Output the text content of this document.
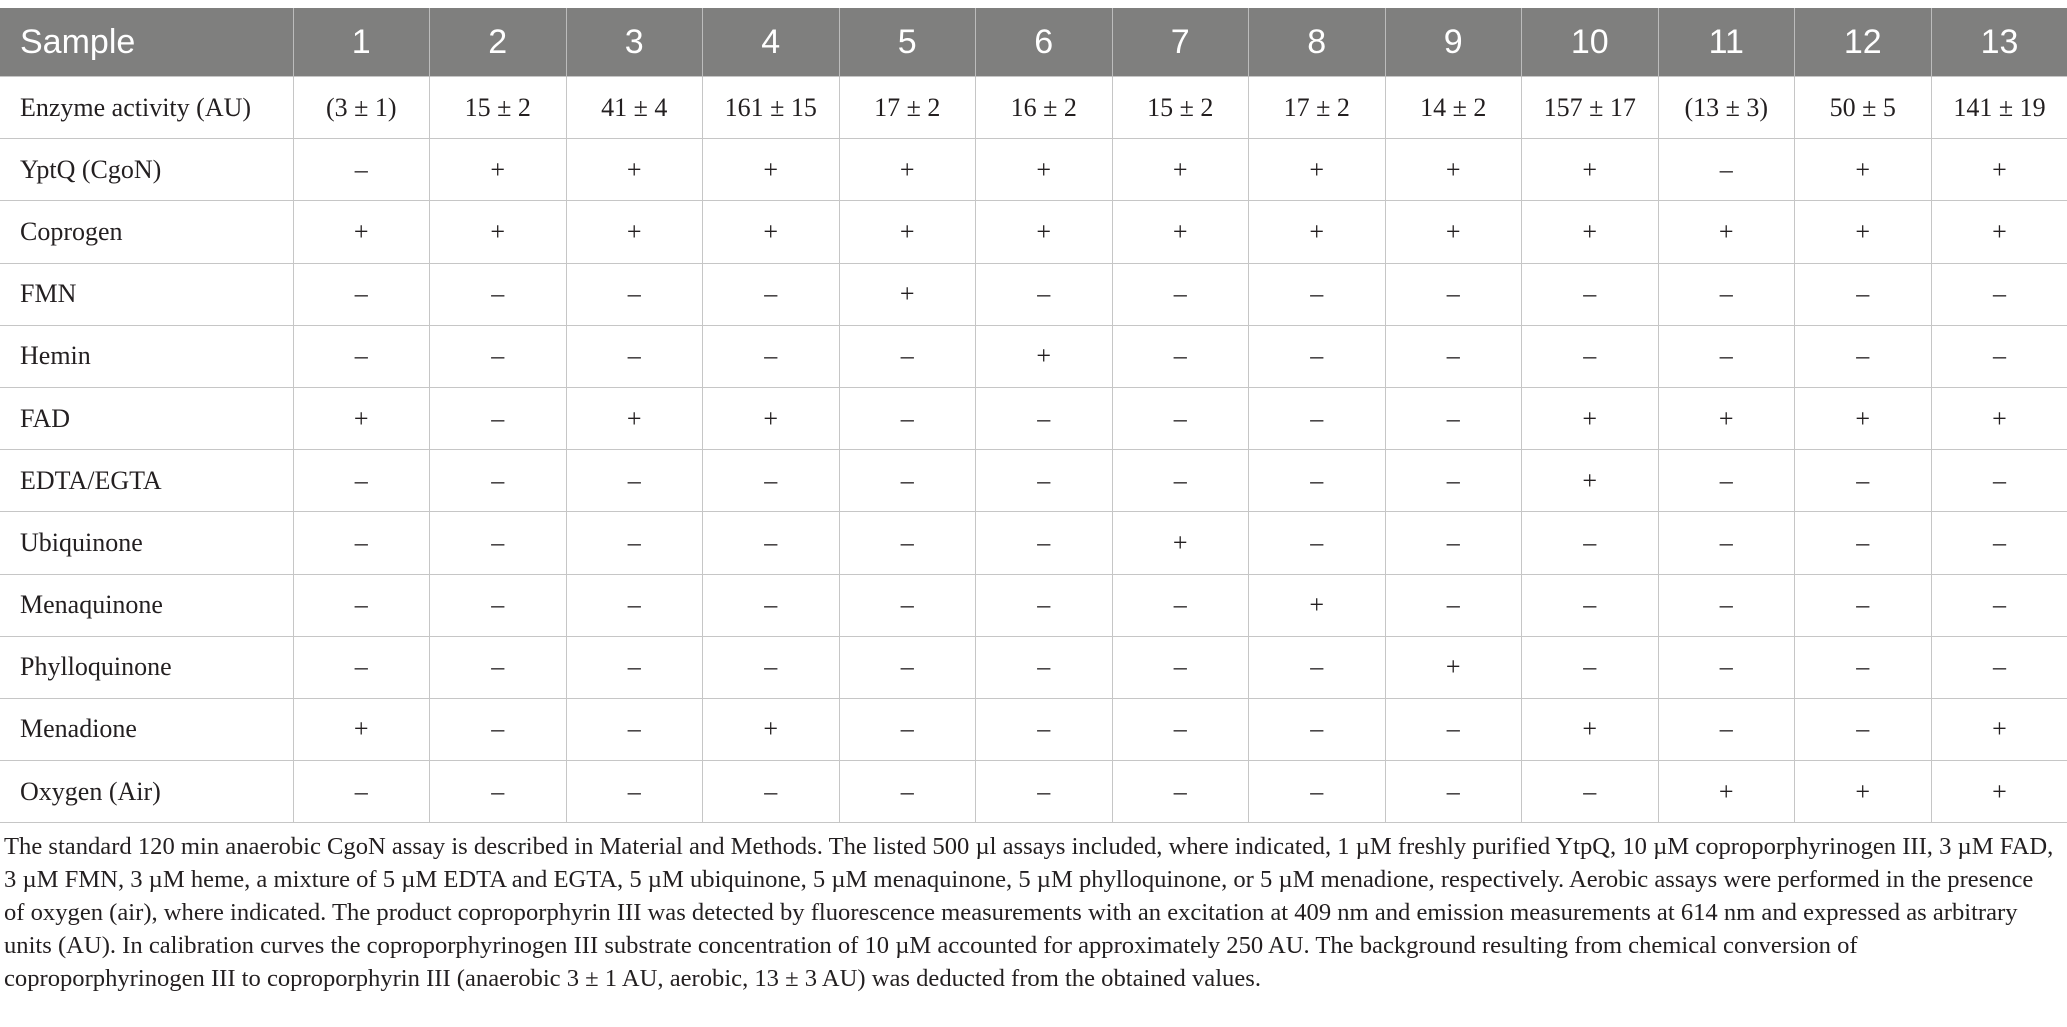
Sample	1	2	3	4	5	6	7	8	9	10	11	12	13
Enzyme activity (AU)	(3 ± 1)	15 ± 2	41 ± 4	161 ± 15	17 ± 2	16 ± 2	15 ± 2	17 ± 2	14 ± 2	157 ± 17	(13 ± 3)	50 ± 5	141 ± 19
YptQ (CgoN)	–	+	+	+	+	+	+	+	+	+	–	+	+
Coprogen	+	+	+	+	+	+	+	+	+	+	+	+	+
FMN	–	–	–	–	+	–	–	–	–	–	–	–	–
Hemin	–	–	–	–	–	+	–	–	–	–	–	–	–
FAD	+	–	+	+	–	–	–	–	–	+	+	+	+
EDTA/EGTA	–	–	–	–	–	–	–	–	–	+	–	–	–
Ubiquinone	–	–	–	–	–	–	+	–	–	–	–	–	–
Menaquinone	–	–	–	–	–	–	–	+	–	–	–	–	–
Phylloquinone	–	–	–	–	–	–	–	–	+	–	–	–	–
Menadione	+	–	–	+	–	–	–	–	–	+	–	–	+
Oxygen (Air)	–	–	–	–	–	–	–	–	–	–	+	+	+

The standard 120 min anaerobic CgoN assay is described in Material and Methods. The listed 500 µl assays included, where indicated, 1 µM freshly purified YtpQ, 10 µM coproporphyrinogen III, 3 µM FAD, 3 µM FMN, 3 µM heme, a mixture of 5 µM EDTA and EGTA, 5 µM ubiquinone, 5 µM menaquinone, 5 µM phylloquinone, or 5 µM menadione, respectively. Aerobic assays were performed in the presence of oxygen (air), where indicated. The product coproporphyrin III was detected by fluorescence measurements with an excitation at 409 nm and emission measurements at 614 nm and expressed as arbitrary units (AU). In calibration curves the coproporphyrinogen III substrate concentration of 10 µM accounted for approximately 250 AU. The background resulting from chemical conversion of coproporphyrinogen III to coproporphyrin III (anaerobic 3 ± 1 AU, aerobic, 13 ± 3 AU) was deducted from the obtained values.
